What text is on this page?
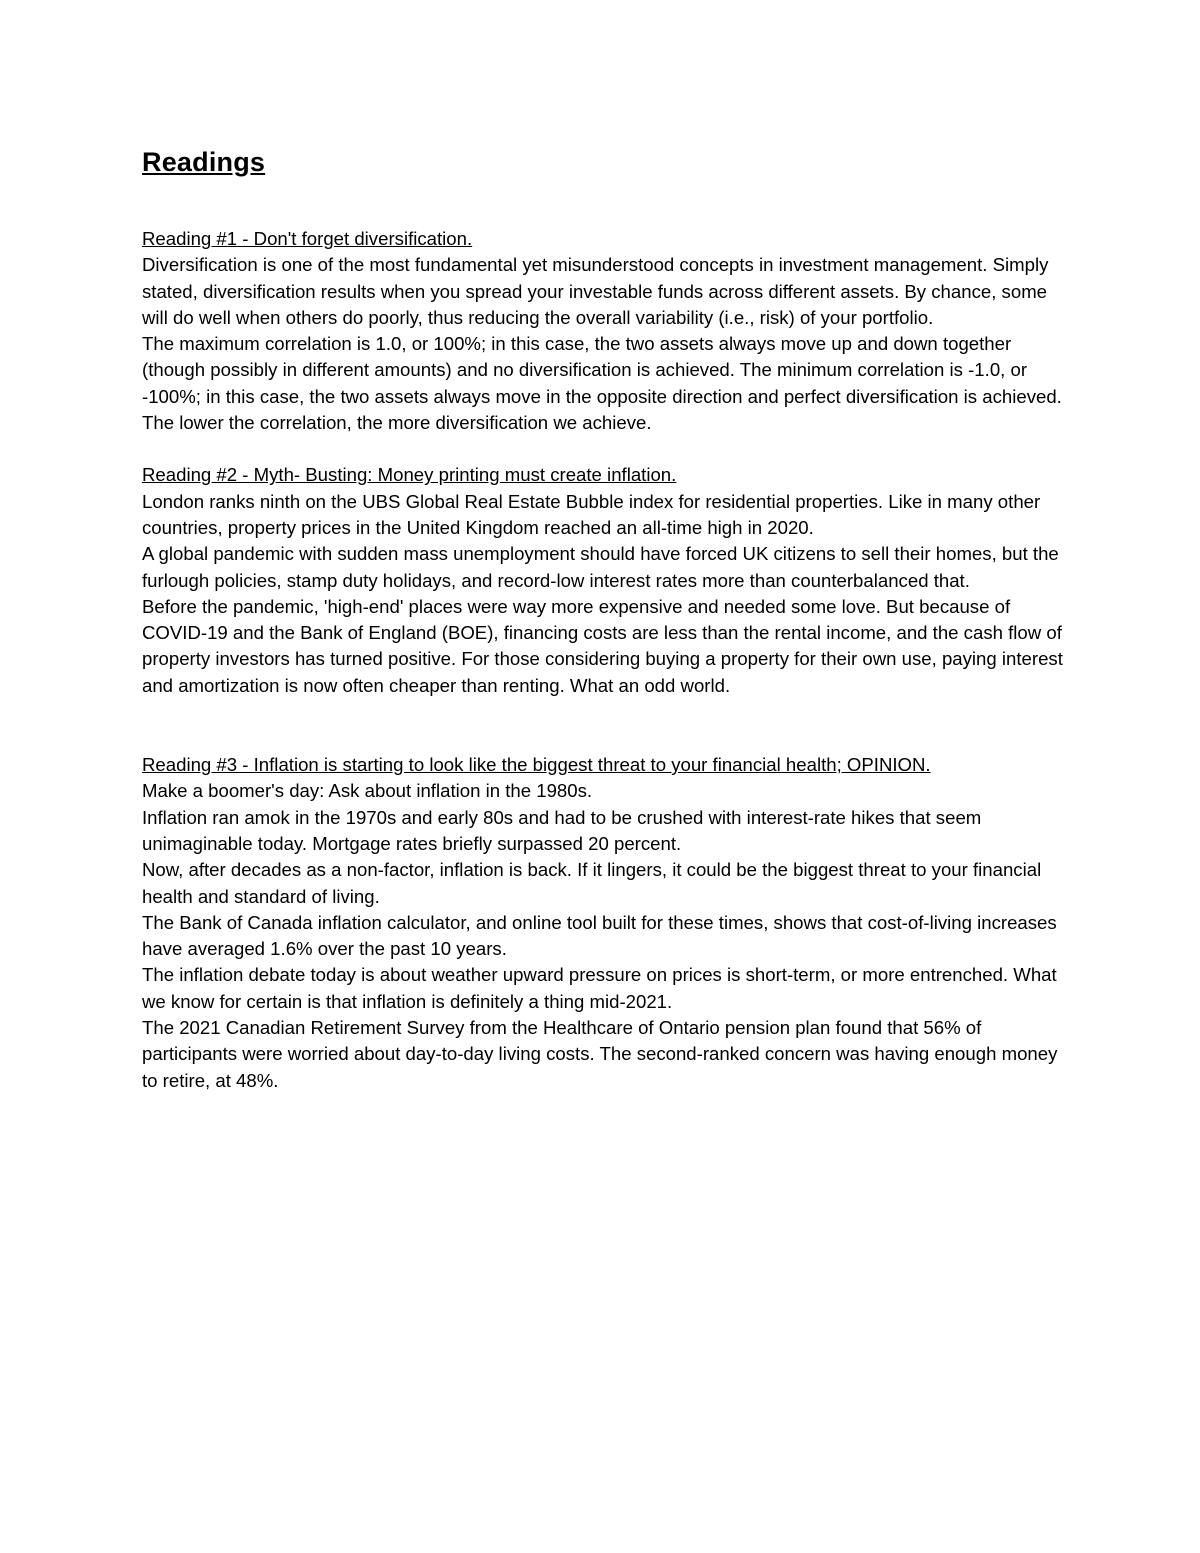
Readings

Reading #1 - Don't forget diversification.

Diversification is one of the most fundamental yet misunderstood concepts in investment management. Simply stated, diversification results when you spread your investable funds across different assets. By chance, some will do well when others do poorly, thus reducing the overall variability (i.e., risk) of your portfolio.

The maximum correlation is 1.0, or 100%; in this case, the two assets always move up and down together (though possibly in different amounts) and no diversification is achieved. The minimum correlation is -1.0, or -100%; in this case, the two assets always move in the opposite direction and perfect diversification is achieved. The lower the correlation, the more diversification we achieve.

Reading #2 - Myth- Busting: Money printing must create inflation.

London ranks ninth on the UBS Global Real Estate Bubble index for residential properties. Like in many other countries, property prices in the United Kingdom reached an all-time high in 2020.

A global pandemic with sudden mass unemployment should have forced UK citizens to sell their homes, but the furlough policies, stamp duty holidays, and record-low interest rates more than counterbalanced that.

Before the pandemic, 'high-end' places were way more expensive and needed some love. But because of COVID-19 and the Bank of England (BOE), financing costs are less than the rental income, and the cash flow of property investors has turned positive. For those considering buying a property for their own use, paying interest and amortization is now often cheaper than renting. What an odd world.

Reading #3 - Inflation is starting to look like the biggest threat to your financial health; OPINION.

Make a boomer's day: Ask about inflation in the 1980s.

Inflation ran amok in the 1970s and early 80s and had to be crushed with interest-rate hikes that seem unimaginable today. Mortgage rates briefly surpassed 20 percent.

Now, after decades as a non-factor, inflation is back. If it lingers, it could be the biggest threat to your financial health and standard of living.

The Bank of Canada inflation calculator, and online tool built for these times, shows that cost-of-living increases have averaged 1.6% over the past 10 years.

The inflation debate today is about weather upward pressure on prices is short-term, or more entrenched. What we know for certain is that inflation is definitely a thing mid-2021.

The 2021 Canadian Retirement Survey from the Healthcare of Ontario pension plan found that 56% of participants were worried about day-to-day living costs. The second-ranked concern was having enough money to retire, at 48%.
